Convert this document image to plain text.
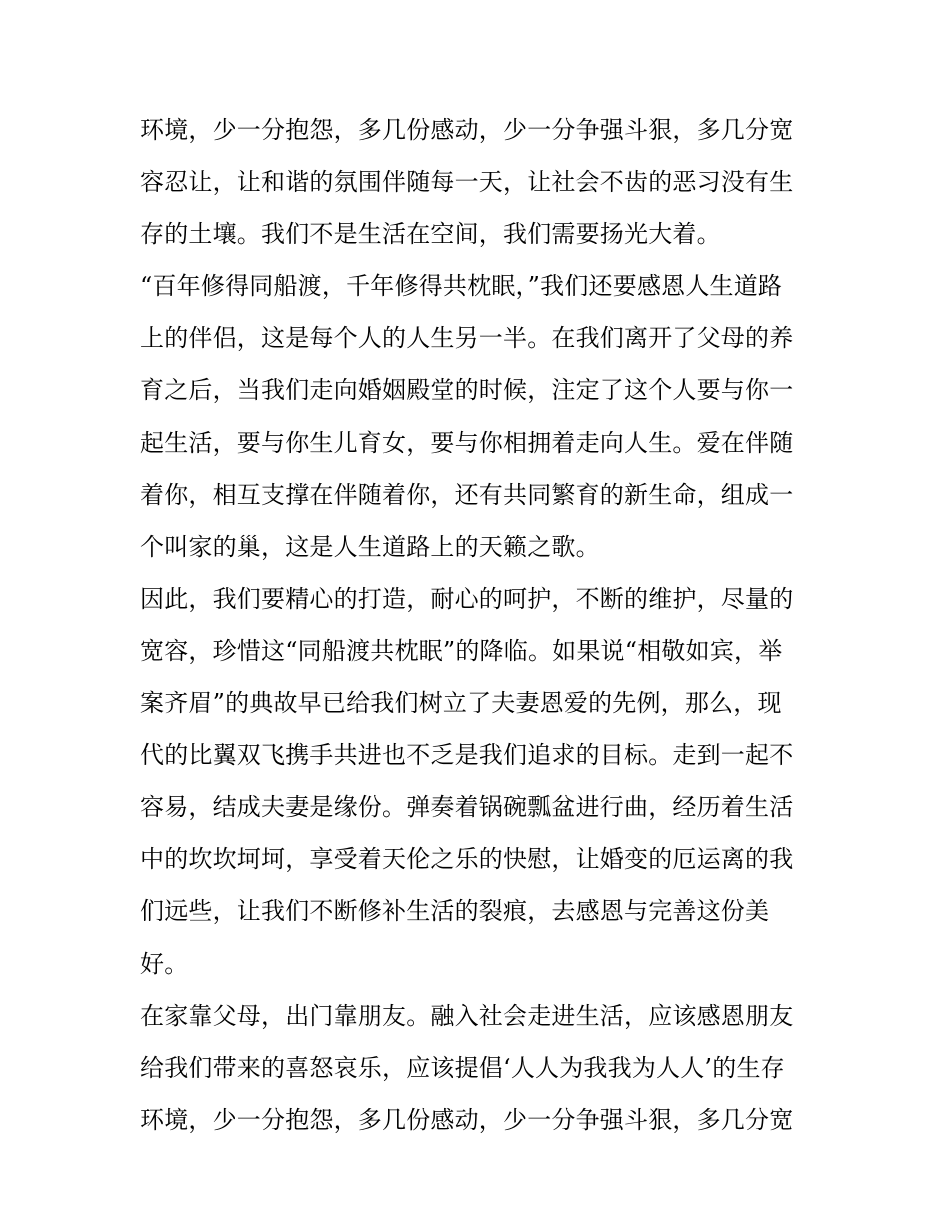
环境，少一分抱怨，多几份感动，少一分争强斗狠，多几分宽
容忍让，让和谐的氛围伴随每一天，让社会不齿的恶习没有生
存的土壤。我们不是生活在空间，我们需要扬光大着。
“百年修得同船渡，千年修得共枕眠，”我们还要感恩人生道路
上的伴侣，这是每个人的人生另一半。在我们离开了父母的养
育之后，当我们走向婚姻殿堂的时候，注定了这个人要与你一
起生活，要与你生儿育女，要与你相拥着走向人生。爱在伴随
着你，相互支撑在伴随着你，还有共同繁育的新生命，组成一
个叫家的巢，这是人生道路上的天籁之歌。
因此，我们要精心的打造，耐心的呵护，不断的维护，尽量的
宽容，珍惜这“同船渡共枕眠”的降临。如果说“相敬如宾，举
案齐眉”的典故早已给我们树立了夫妻恩爱的先例，那么，现
代的比翼双飞携手共进也不乏是我们追求的目标。走到一起不
容易，结成夫妻是缘份。弹奏着锅碗瓢盆进行曲，经历着生活
中的坎坎坷坷，享受着天伦之乐的快慰，让婚变的厄运离的我
们远些，让我们不断修补生活的裂痕，去感恩与完善这份美
好。
在家靠父母，出门靠朋友。融入社会走进生活，应该感恩朋友
给我们带来的喜怒哀乐，应该提倡‘人人为我我为人人’的生存
环境，少一分抱怨，多几份感动，少一分争强斗狠，多几分宽
